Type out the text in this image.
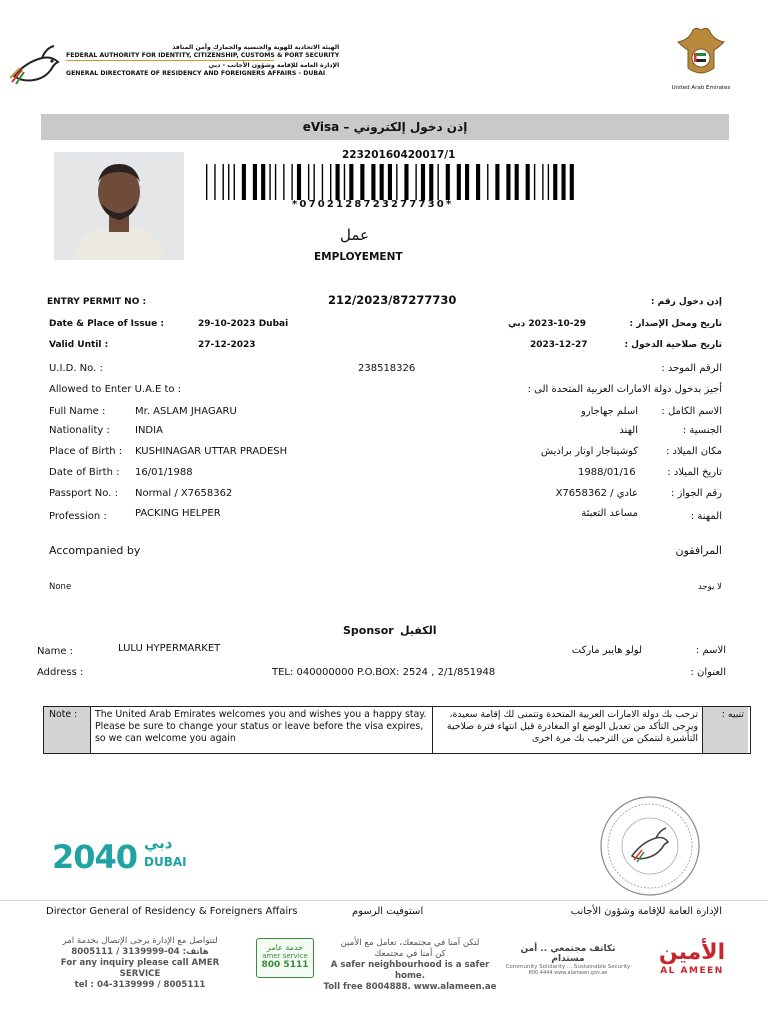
الهيئة الاتحادية للهوية والجنسية والجمارك وأمن المنافذ
FEDERAL AUTHORITY FOR IDENTITY, CITIZENSHIP, CUSTOMS & PORT SECURITY
الإدارة العامة للإقامة وشؤون الأجانب - دبي
GENERAL DIRECTORATE OF RESIDENCY AND FOREIGNERS AFFAIRS - DUBAI
United Arab Emirates
eVisa – إذن دخول إلكتروني
22320160420017/1
*0702128723277730*
عمل
EMPLOYEMENT
ENTRY PERMIT NO :	212/2023/87277730	إذن دخول رقم :
Date & Place of Issue :	29-10-2023 Dubai	2023-10-29 دبي	تاريخ ومحل الإصدار :
Valid Until :	27-12-2023	2023-12-27	تاريخ صلاحية الدخول :
U.I.D. No. :	238518326	الرقم الموحد :
Allowed to Enter U.A.E to :	أجيز بدخول دولة الامارات العربية المتحدة الى :
Full Name :	Mr. ASLAM JHAGARU	اسلم جهاجارو الاسم الكامل :
Nationality :	INDIA	الهند	الجنسية :
Place of Birth : KUSHINAGAR UTTAR PRADESH	كوشيناجار اوتار براديش	مكان الميلاد :
Date of Birth : 16/01/1988	1988/01/16	تاريخ الميلاد :
Passport No. : Normal / X7658362	X7658362 / عادي	رقم الجواز :
Profession :	PACKING HELPER	مساعد التعبئة	المهنة :
Accompanied by	المرافقون
None	لا يوجد
Sponsor الكفيل
Name :	LULU HYPERMARKET	لولو هايبر ماركت	الاسم :
Address :	TEL: 040000000 P.O.BOX: 2524 , 2/1/851948	العنوان :
Note :	The United Arab Emirates welcomes you and wishes you a happy stay. Please be sure to change your status or leave before the visa expires, so we can welcome you again
ترحب بك دولة الامارات العربية المتحدة وتتمنى لك إقامة سعيدة، ويرجى التأكد من تعديل الوضع او المغادرة قبل انتهاء فترة صلاحية التأشيرة لنتمكن من الترحيب بك مرة اخرى
تنبيه :
دبي
2040 DUBAI
Director General of Residency & Foreigners Affairs	استوفيت الرسوم	الإدارة العامة للإقامة وشؤون الأجانب
لتتواصل مع الإدارة يرجى الإتصال بخدمة امر
هاتف: 04-3139999 / 8005111
For any inquiry please call AMER SERVICE
tel : 04-3139999 / 8005111
خدمة عامر
amer service
800 5111
لتكن آمنا في مجتمعك، تعامل مع الأمين
كن أمنا في مجتمعك
A safer neighbourhood is a safer home.
Toll free 8004888. www.alameen.ae
تكاتف مجتمعي .. أمن مستدام
Community Solidarity ... Sustainable Security
800 4444 www.alameen.gov.ae
الأمين
AL AMEEN
